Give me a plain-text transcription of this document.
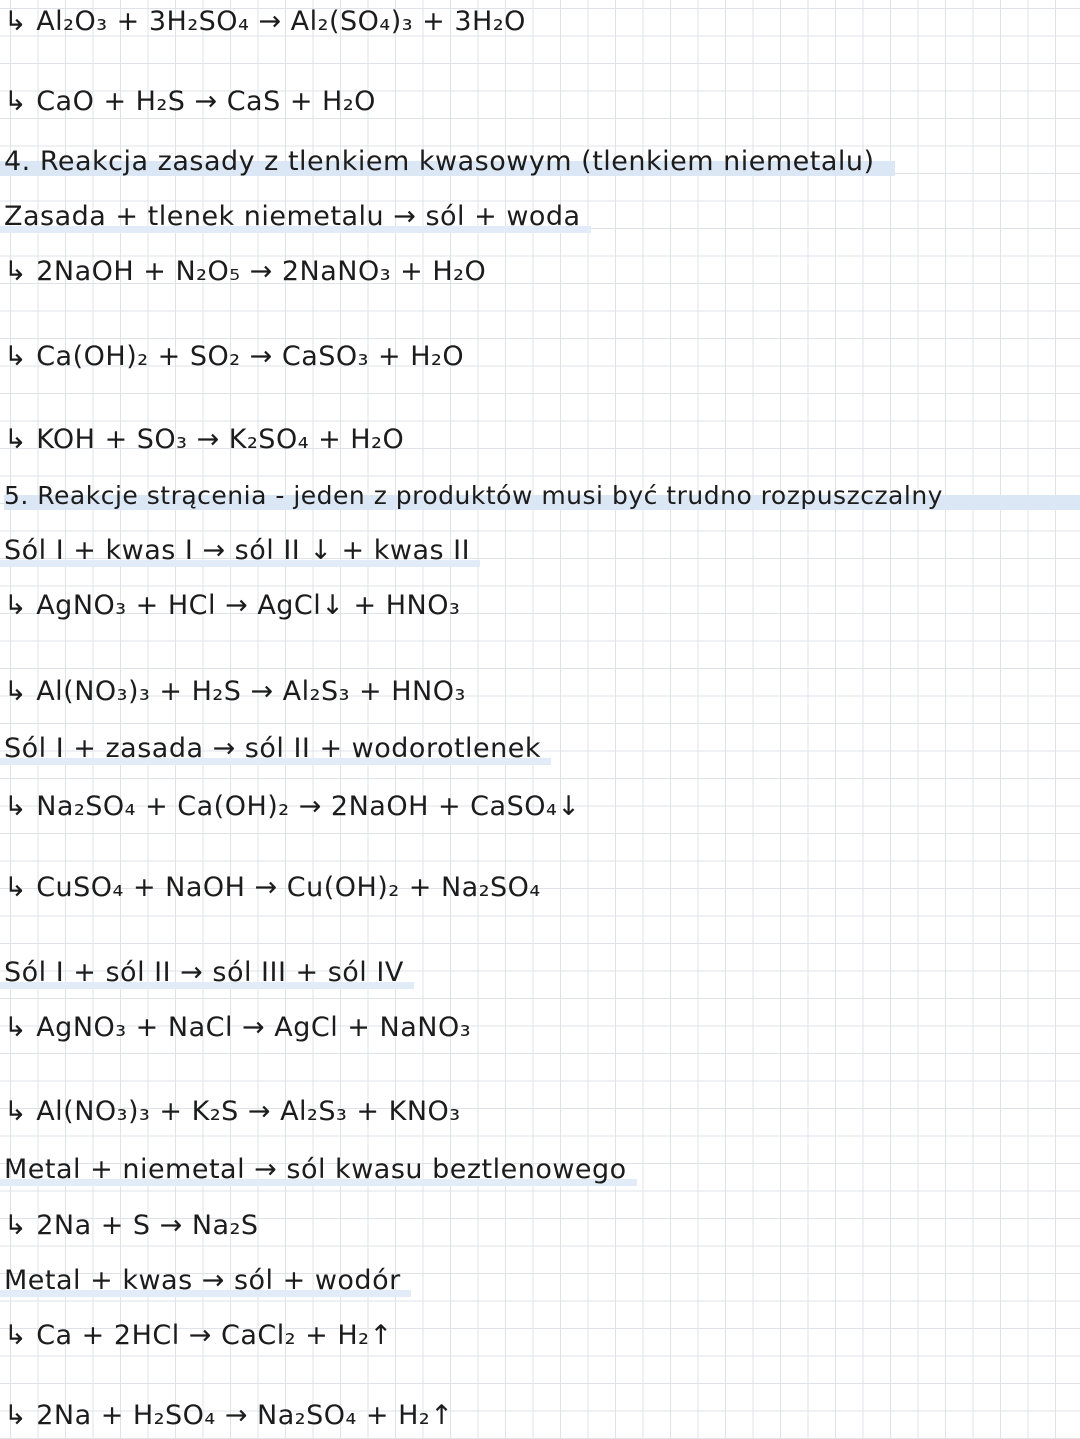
↳ Al₂O₃ + 3H₂SO₄ → Al₂(SO₄)₃ + 3H₂O
↳ CaO + H₂S → CaS + H₂O
4. Reakcja zasady z tlenkiem kwasowym (tlenkiem niemetalu)
Zasada + tlenek niemetalu → sól + woda
↳ 2NaOH + N₂O₅ → 2NaNO₃ + H₂O
↳ Ca(OH)₂ + SO₂ → CaSO₃ + H₂O
↳ KOH + SO₃ → K₂SO₄ + H₂O
5. Reakcje strącenia - jeden z produktów musi być trudno rozpuszczalny
Sól I + kwas I → sól II ↓ + kwas II
↳ AgNO₃ + HCl → AgCl↓ + HNO₃
↳ Al(NO₃)₃ + H₂S → Al₂S₃ + HNO₃
Sól I + zasada → sól II + wodorotlenek
↳ Na₂SO₄ + Ca(OH)₂ → 2NaOH + CaSO₄↓
↳ CuSO₄ + NaOH → Cu(OH)₂ + Na₂SO₄
Sól I + sól II → sól III + sól IV
↳ AgNO₃ + NaCl → AgCl + NaNO₃
↳ Al(NO₃)₃ + K₂S → Al₂S₃ + KNO₃
Metal + niemetal → sól kwasu beztlenowego
↳ 2Na + S → Na₂S
Metal + kwas → sól + wodór
↳ Ca + 2HCl → CaCl₂ + H₂↑
↳ 2Na + H₂SO₄ → Na₂SO₄ + H₂↑
